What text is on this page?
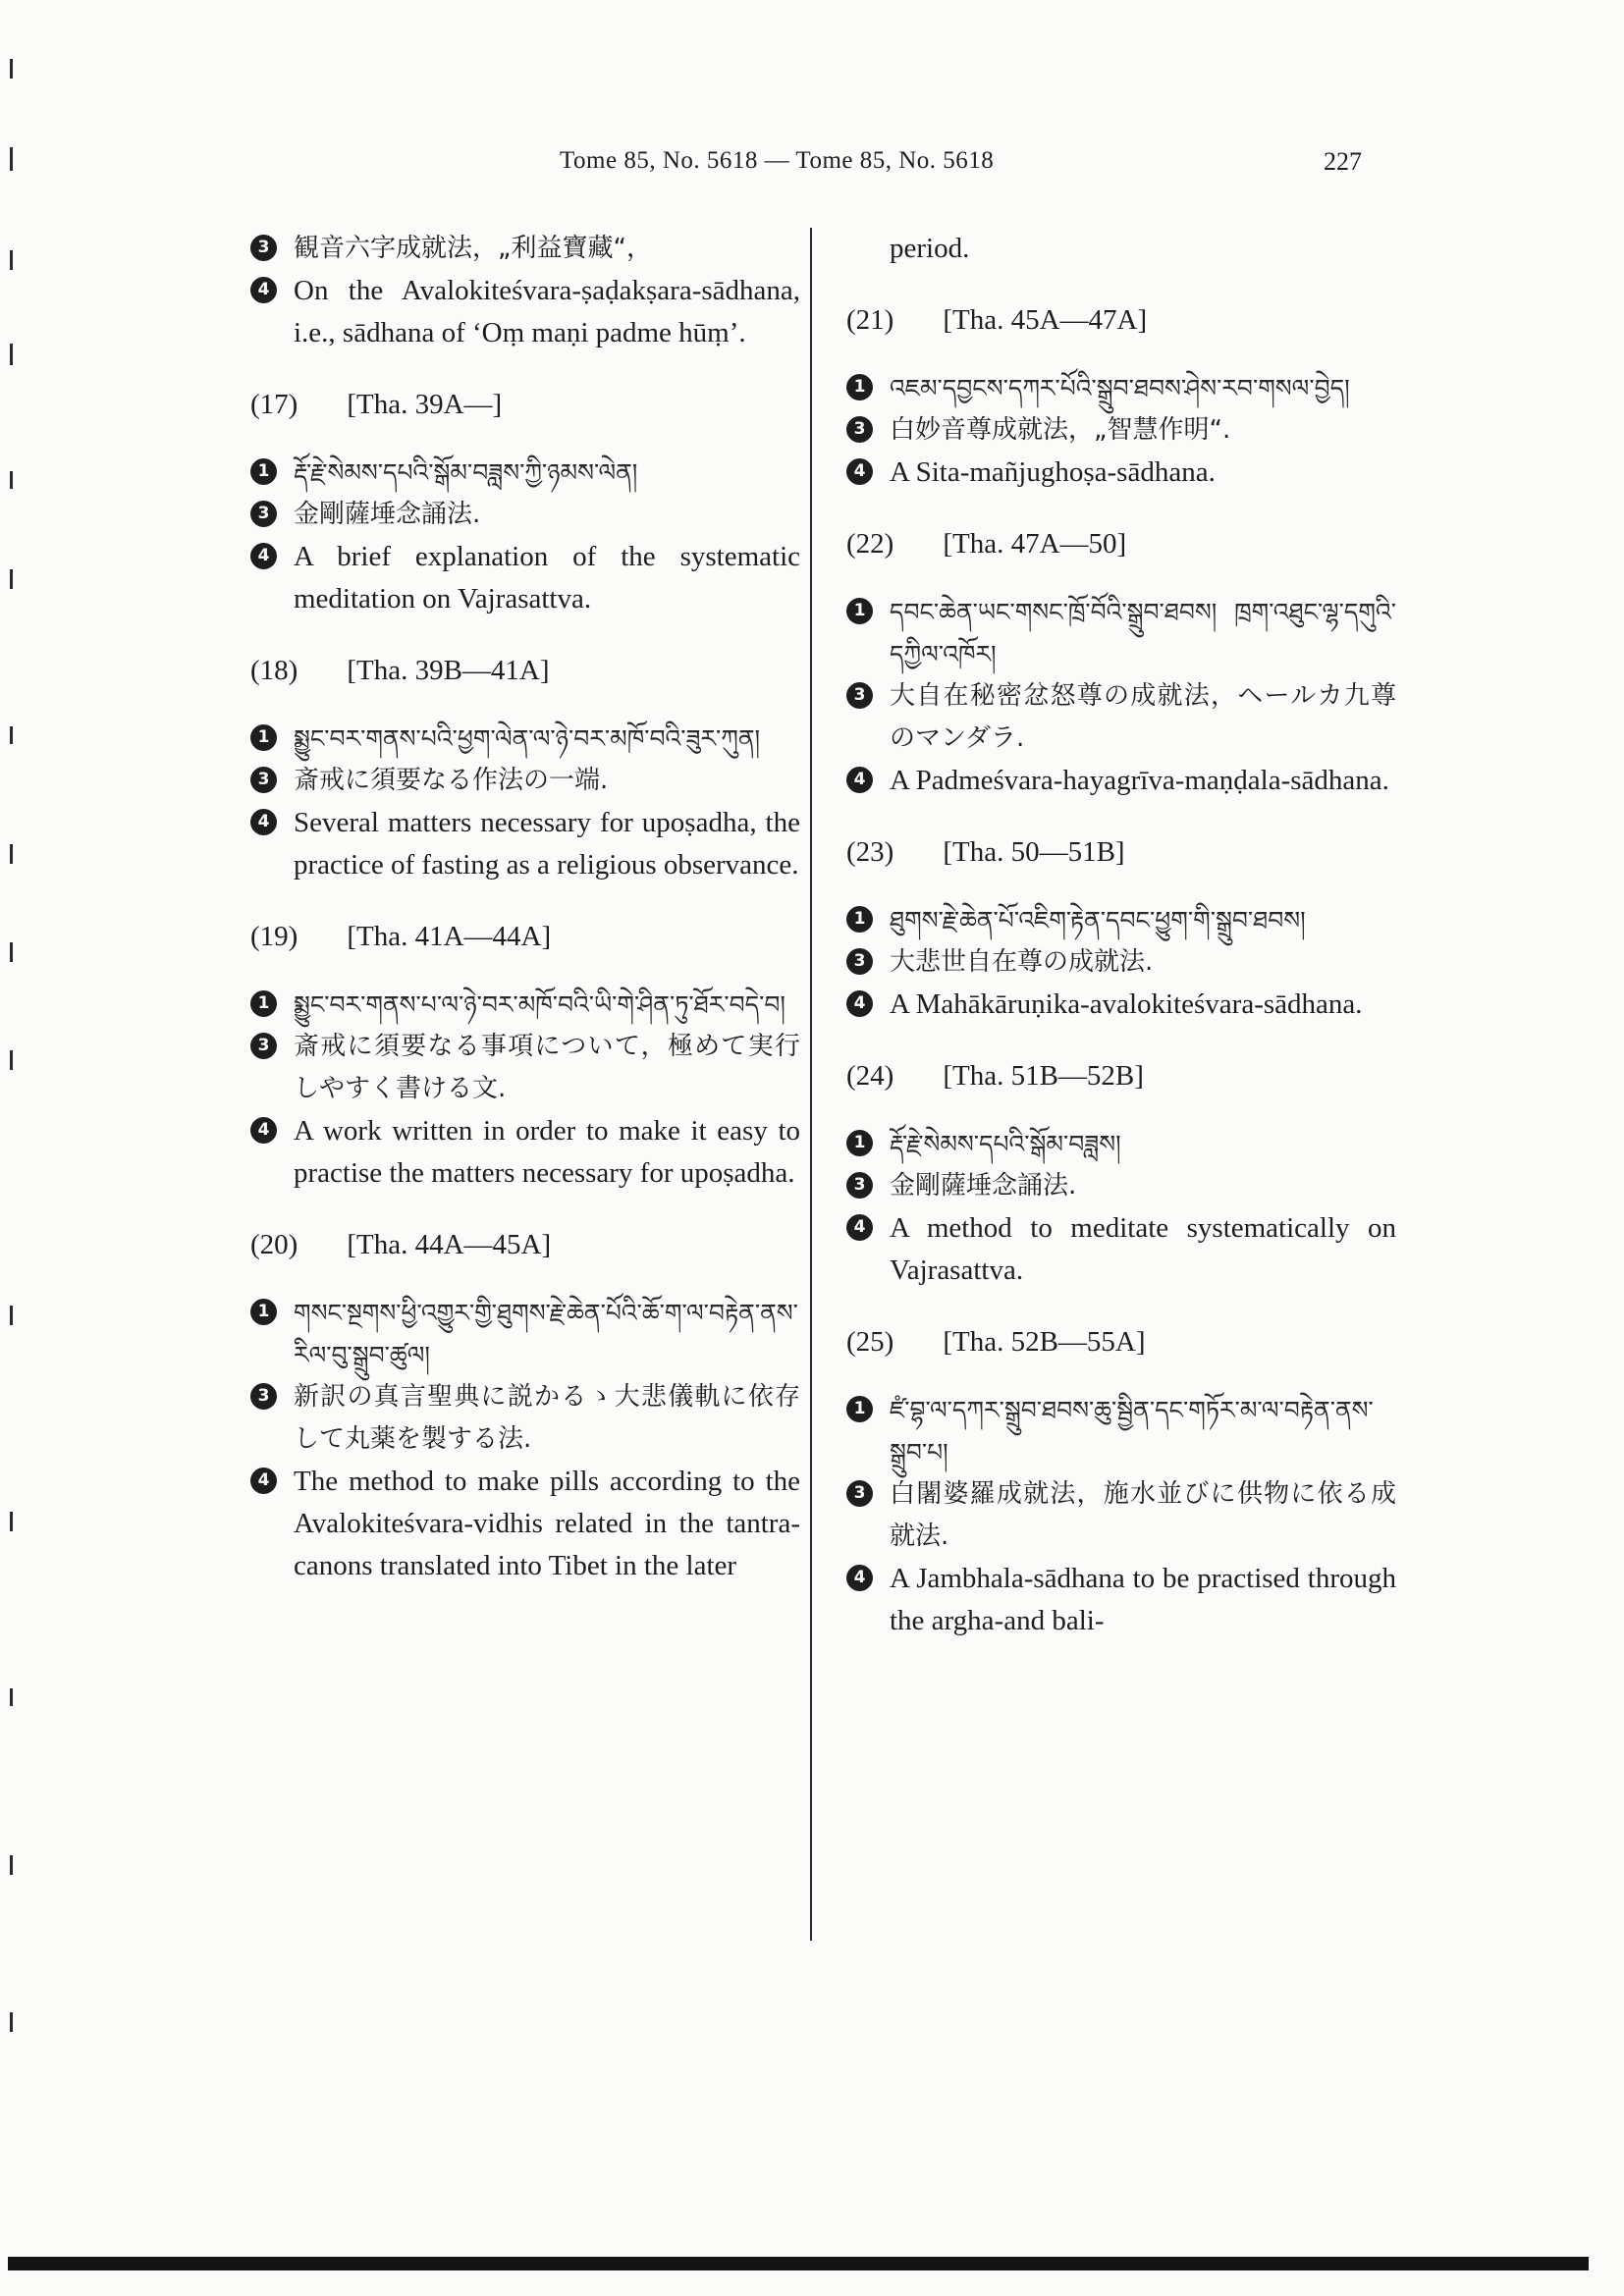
Tome 85, No. 5618 — Tome 85, No. 5618	227
3 観音六字成就法，„利益寶藏“，
4 On the Avalokiteśvara-ṣaḍakṣara-sādhana, i.e., sādhana of ‘Oṃ maṇi padme hūṃ’.
(17) [Tha. 39A—]
1 རྡོ་རྗེ་སེམས་དཔའི་སྒོམ་བཟླས་ཀྱི་ཉམས་ལེན།
3 金剛薩埵念誦法.
4 A brief explanation of the systematic meditation on Vajrasattva.
(18) [Tha. 39B—41A]
1 སྨྱུང་བར་གནས་པའི་ཕྱག་ལེན་ལ་ཉེ་བར་མཁོ་བའི་ཟུར་ཀུན།
3 斎戒に須要なる作法の一端.
4 Several matters necessary for upoṣadha, the practice of fasting as a religious observance.
(19) [Tha. 41A—44A]
1 སྨྱུང་བར་གནས་པ་ལ་ཉེ་བར་མཁོ་བའི་ཡི་གེ་ཤིན་ཏུ་ཐོར་བདེ་བ།
3 斎戒に須要なる事項について，極めて実行しやすく書ける文.
4 A work written in order to make it easy to practise the matters necessary for upoṣadha.
(20) [Tha. 44A—45A]
1 གསང་སྔགས་ཕྱི་འགྱུར་གྱི་ཐུགས་རྗེ་ཆེན་པོའི་ཆོ་ག་ལ་བརྟེན་ནས་རིལ་བུ་སྒྲུབ་ཚུལ།
3 新訳の真言聖典に説かるゝ大悲儀軌に依存して丸薬を製する法.
4 The method to make pills according to the Avalokiteśvara-vidhis related in the tantra-canons translated into Tibet in the later
period.
(21) [Tha. 45A—47A]
1 འཇམ་དབྱངས་དཀར་པོའི་སྒྲུབ་ཐབས་ཤེས་རབ་གསལ་བྱེད།
3 白妙音尊成就法，„智慧作明“.
4 A Sita-mañjughoṣa-sādhana.
(22) [Tha. 47A—50]
1 དབང་ཆེན་ཡང་གསང་ཁྲོ་བོའི་སྒྲུབ་ཐབས། ཁྲག་འཐུང་ལྷ་དགུའི་དཀྱིལ་འཁོར།
3 大自在秘密忿怒尊の成就法，ヘールカ九尊のマンダラ.
4 A Padmeśvara-hayagrīva-maṇḍala-sādhana.
(23) [Tha. 50—51B]
1 ཐུགས་རྗེ་ཆེན་པོ་འཇིག་རྟེན་དབང་ཕྱུག་གི་སྒྲུབ་ཐབས།
3 大悲世自在尊の成就法.
4 A Mahākāruṇika-avalokiteśvara-sādhana.
(24) [Tha. 51B—52B]
1 རྡོ་རྗེ་སེམས་དཔའི་སྒོམ་བཟླས།
3 金剛薩埵念誦法.
4 A method to meditate systematically on Vajrasattva.
(25) [Tha. 52B—55A]
1 ཛཾ་བྷ་ལ་དཀར་སྒྲུབ་ཐབས་ཆུ་སྦྱིན་དང་གཏོར་མ་ལ་བརྟེན་ནས་སྒྲུབ་པ།
3 白闍婆羅成就法，施水並びに供物に依る成就法.
4 A Jambhala-sādhana to be practised through the argha-and bali-
